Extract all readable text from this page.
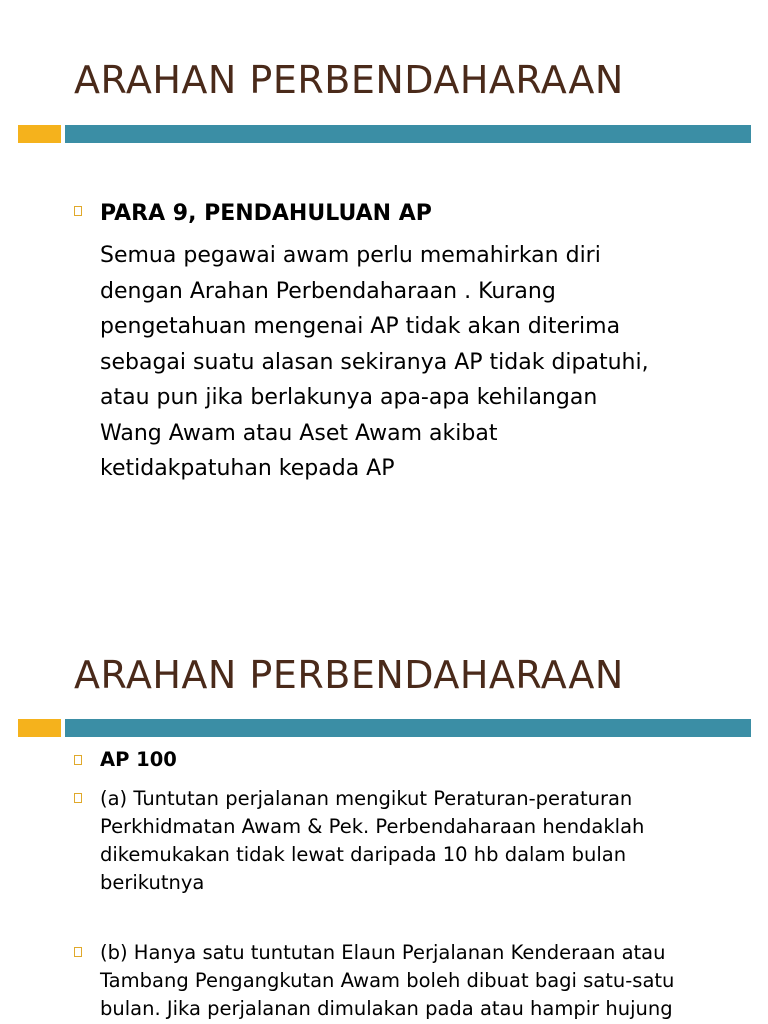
ARAHAN PERBENDAHARAAN
PARA 9, PENDAHULUAN AP
Semua pegawai awam perlu memahirkan diri
dengan Arahan Perbendaharaan . Kurang
pengetahuan mengenai AP tidak akan diterima
sebagai suatu alasan sekiranya AP tidak dipatuhi,
atau pun jika berlakunya apa-apa kehilangan
Wang Awam atau Aset Awam akibat
ketidakpatuhan kepada AP
ARAHAN PERBENDAHARAAN
AP 100
(a) Tuntutan perjalanan mengikut Peraturan-peraturan
Perkhidmatan Awam & Pek. Perbendaharaan hendaklah
dikemukakan tidak lewat daripada 10 hb dalam bulan
berikutnya
(b) Hanya satu tuntutan Elaun Perjalanan Kenderaan atau
Tambang Pengangkutan Awam boleh dibuat bagi satu-satu
bulan. Jika perjalanan dimulakan pada atau hampir hujung
